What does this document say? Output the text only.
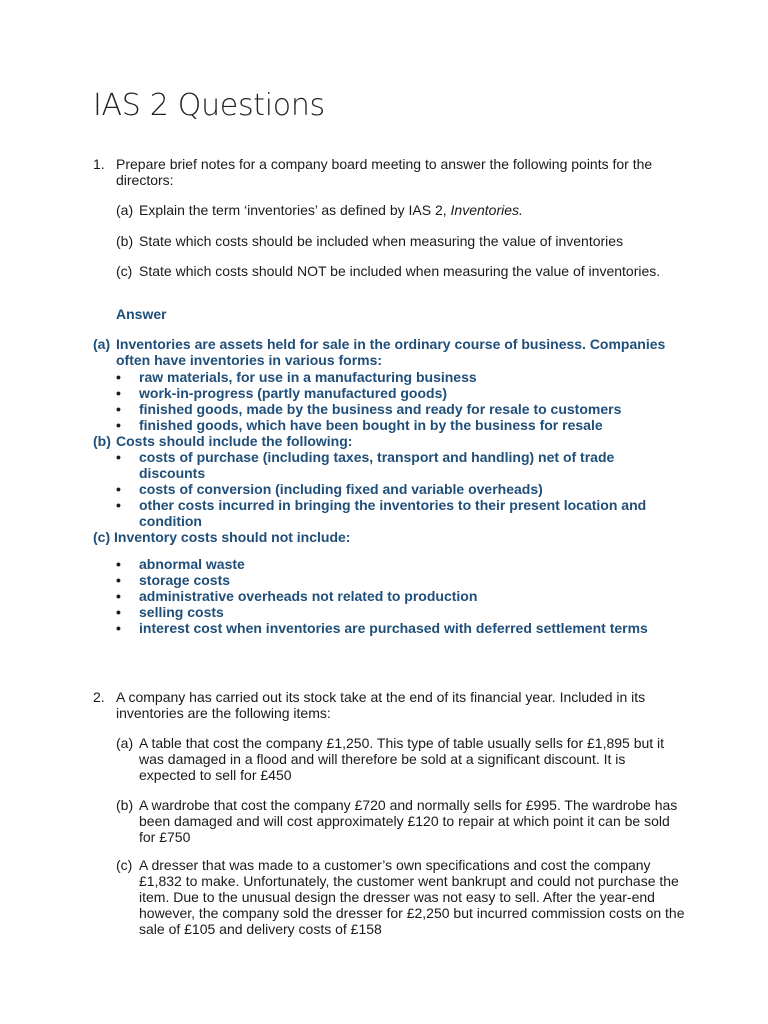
IAS 2 Questions
1. Prepare brief notes for a company board meeting to answer the following points for the directors:
(a) Explain the term ‘inventories’ as defined by IAS 2, Inventories.
(b) State which costs should be included when measuring the value of inventories
(c) State which costs should NOT be included when measuring the value of inventories.
Answer
(a) Inventories are assets held for sale in the ordinary course of business. Companies often have inventories in various forms:
• raw materials, for use in a manufacturing business
• work-in-progress (partly manufactured goods)
• finished goods, made by the business and ready for resale to customers
• finished goods, which have been bought in by the business for resale
(b) Costs should include the following:
• costs of purchase (including taxes, transport and handling) net of trade discounts
• costs of conversion (including fixed and variable overheads)
• other costs incurred in bringing the inventories to their present location and condition
(c) Inventory costs should not include:
• abnormal waste
• storage costs
• administrative overheads not related to production
• selling costs
• interest cost when inventories are purchased with deferred settlement terms
2. A company has carried out its stock take at the end of its financial year. Included in its inventories are the following items:
(a) A table that cost the company £1,250. This type of table usually sells for £1,895 but it was damaged in a flood and will therefore be sold at a significant discount. It is expected to sell for £450
(b) A wardrobe that cost the company £720 and normally sells for £995. The wardrobe has been damaged and will cost approximately £120 to repair at which point it can be sold for £750
(c) A dresser that was made to a customer’s own specifications and cost the company £1,832 to make. Unfortunately, the customer went bankrupt and could not purchase the item. Due to the unusual design the dresser was not easy to sell. After the year-end however, the company sold the dresser for £2,250 but incurred commission costs on the sale of £105 and delivery costs of £158
